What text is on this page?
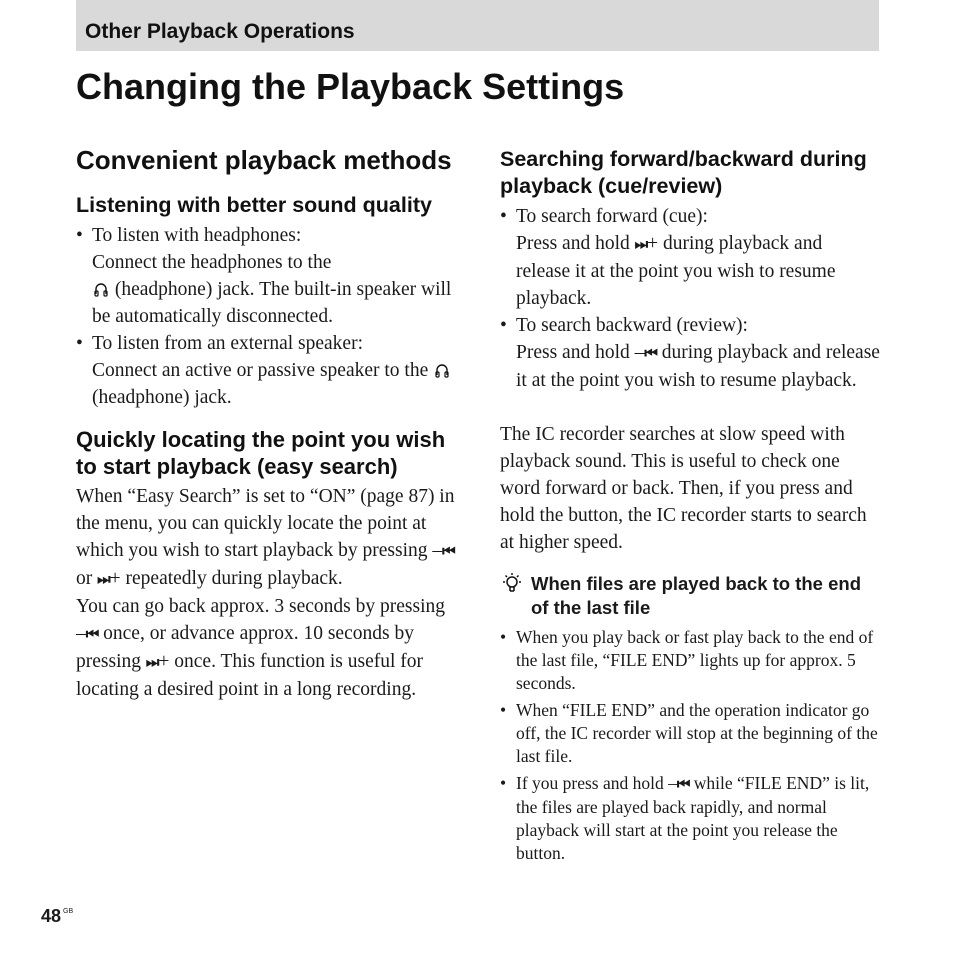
Other Playback Operations
Changing the Playback Settings
Convenient playback methods
Listening with better sound quality
• To listen with headphones:
Connect the headphones to the
(headphone) jack. The built-in speaker will be automatically disconnected.
• To listen from an external speaker:
Connect an active or passive speaker to the  (headphone) jack.
Quickly locating the point you wish to start playback (easy search)

When “Easy Search” is set to “ON” (page 87) in the menu, you can quickly locate the point at which you wish to start playback by pressing –⏮ or ⏭+ repeatedly during playback.

You can go back approx. 3 seconds by pressing –⏮ once, or advance approx. 10 seconds by pressing ⏭+ once. This function is useful for locating a desired point in a long recording.

Searching forward/backward during playback (cue/review)
• To search forward (cue):
Press and hold ⏭+ during playback and release it at the point you wish to resume playback.
• To search backward (review):
Press and hold –⏮ during playback and release it at the point you wish to resume playback.

The IC recorder searches at slow speed with playback sound. This is useful to check one word forward or back. Then, if you press and hold the button, the IC recorder starts to search at higher speed.

When files are played back to the end of the last file

• When you play back or fast play back to the end of the last file, “FILE END” lights up for approx. 5 seconds.
• When “FILE END” and the operation indicator go off, the IC recorder will stop at the beginning of the last file.
• If you press and hold –⏮ while “FILE END” is lit, the files are played back rapidly, and normal playback will start at the point you release the button.
48 $^{GB}$
